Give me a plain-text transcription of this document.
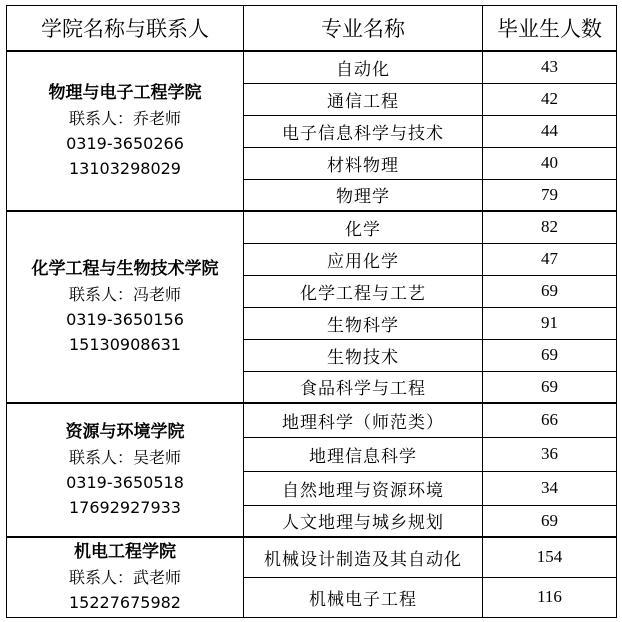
学院名称与联系人	专业名称	毕业生人数

物理与电子工程学院
联系人：乔老师
0319-3650266
13103298029	自动化	43
	通信工程	42
	电子信息科学与技术	44
	材料物理	40
	物理学	79

化学工程与生物技术学院
联系人：冯老师
0319-3650156
15130908631	化学	82
	应用化学	47
	化学工程与工艺	69
	生物科学	91
	生物技术	69
	食品科学与工程	69

资源与环境学院
联系人：吴老师
0319-3650518
17692927933	地理科学（师范类）	66
	地理信息科学	36
	自然地理与资源环境	34
	人文地理与城乡规划	69

机电工程学院
联系人：武老师
15227675982	机械设计制造及其自动化	154
	机械电子工程	116
